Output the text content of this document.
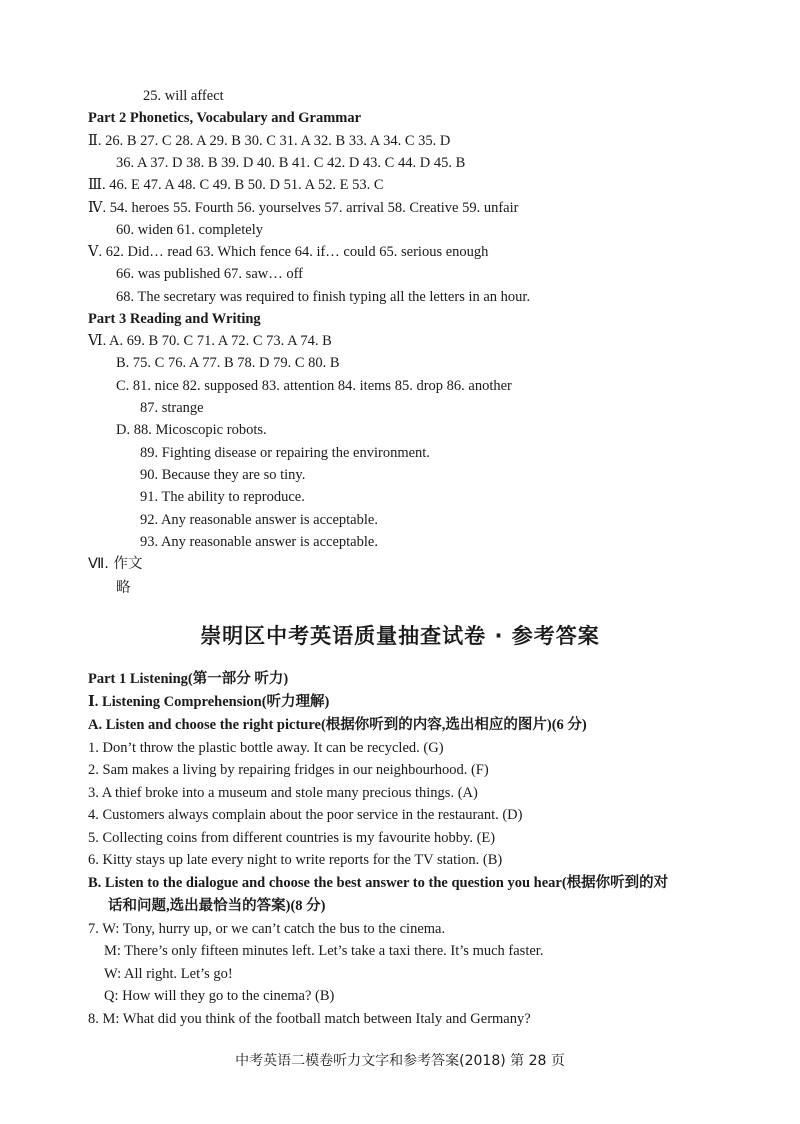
25. will affect
Part 2 Phonetics, Vocabulary and Grammar
Ⅱ. 26. B 27. C 28. A 29. B 30. C 31. A 32. B 33. A 34. C 35. D
36. A 37. D 38. B 39. D 40. B 41. C 42. D 43. C 44. D 45. B
Ⅲ. 46. E 47. A 48. C 49. B 50. D 51. A 52. E 53. C
Ⅳ. 54. heroes 55. Fourth 56. yourselves 57. arrival 58. Creative 59. unfair
60. widen 61. completely
Ⅴ. 62. Did… read 63. Which fence 64. if… could 65. serious enough
66. was published 67. saw… off
68. The secretary was required to finish typing all the letters in an hour.
Part 3 Reading and Writing
Ⅵ. A. 69. B 70. C 71. A 72. C 73. A 74. B
B. 75. C 76. A 77. B 78. D 79. C 80. B
C. 81. nice 82. supposed 83. attention 84. items 85. drop 86. another
87. strange
D. 88. Micoscopic robots.
89. Fighting disease or repairing the environment.
90. Because they are so tiny.
91. The ability to reproduce.
92. Any reasonable answer is acceptable.
93. Any reasonable answer is acceptable.
Ⅶ. 作文
略
崇明区中考英语质量抽查试卷 · 参考答案
Part 1 Listening(第一部分 听力)
Ⅰ. Listening Comprehension(听力理解)
A. Listen and choose the right picture(根据你听到的内容,选出相应的图片)(6 分)
1. Don’t throw the plastic bottle away. It can be recycled. (G)
2. Sam makes a living by repairing fridges in our neighbourhood. (F)
3. A thief broke into a museum and stole many precious things. (A)
4. Customers always complain about the poor service in the restaurant. (D)
5. Collecting coins from different countries is my favourite hobby. (E)
6. Kitty stays up late every night to write reports for the TV station. (B)
B. Listen to the dialogue and choose the best answer to the question you hear(根据你听到的对
话和问题,选出最恰当的答案)(8 分)
7. W: Tony, hurry up, or we can’t catch the bus to the cinema.
M: There’s only fifteen minutes left. Let’s take a taxi there. It’s much faster.
W: All right. Let’s go!
Q: How will they go to the cinema? (B)
8. M: What did you think of the football match between Italy and Germany?
中考英语二模卷听力文字和参考答案(2018) 第 28 页
